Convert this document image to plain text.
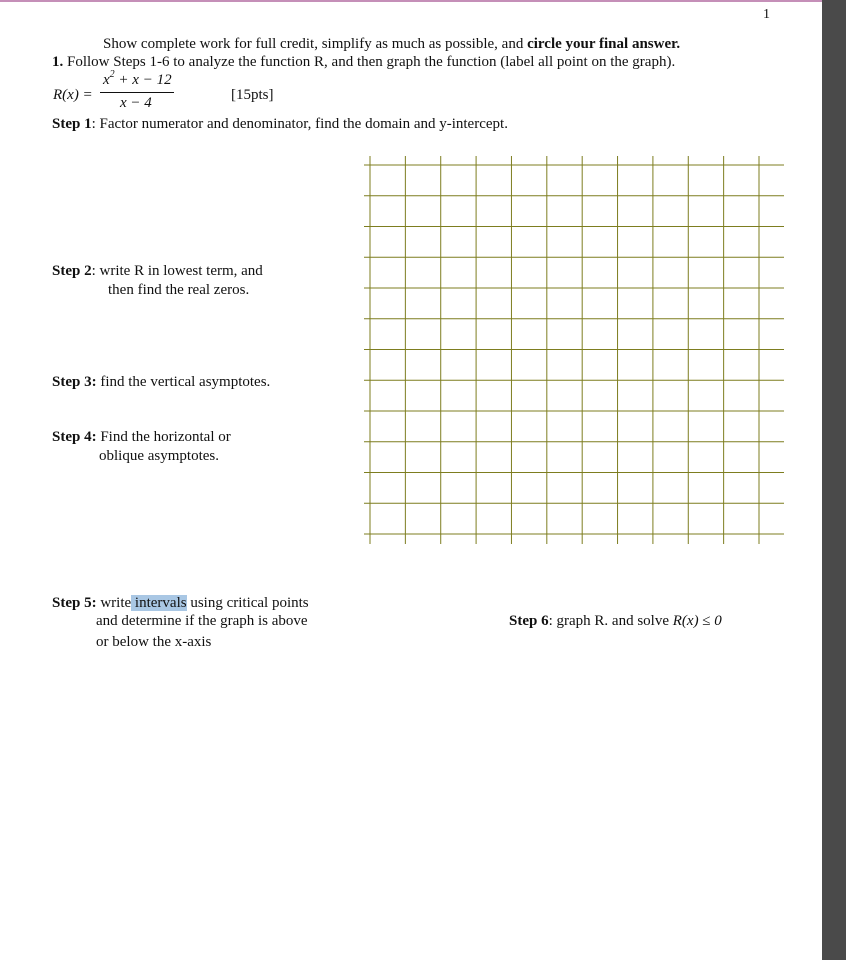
1
Show complete work for full credit, simplify as much as possible, and circle your final answer.
1. Follow Steps 1-6 to analyze the function R, and then graph the function (label all point on the graph).
R(x) =
$x^2 + x - 12$
x − 4	[15pts]
Step 1: Factor numerator and denominator, find the domain and y-intercept.
Step 2: write R in lowest term, and
then find the real zeros.
Step 3: find the vertical asymptotes.
Step 4: Find the horizontal or
oblique asymptotes.
Step 5: write intervals using critical points
and determine if the graph is above
or below the x-axis
Step 6: graph R. and solve R(x) ≤ 0
